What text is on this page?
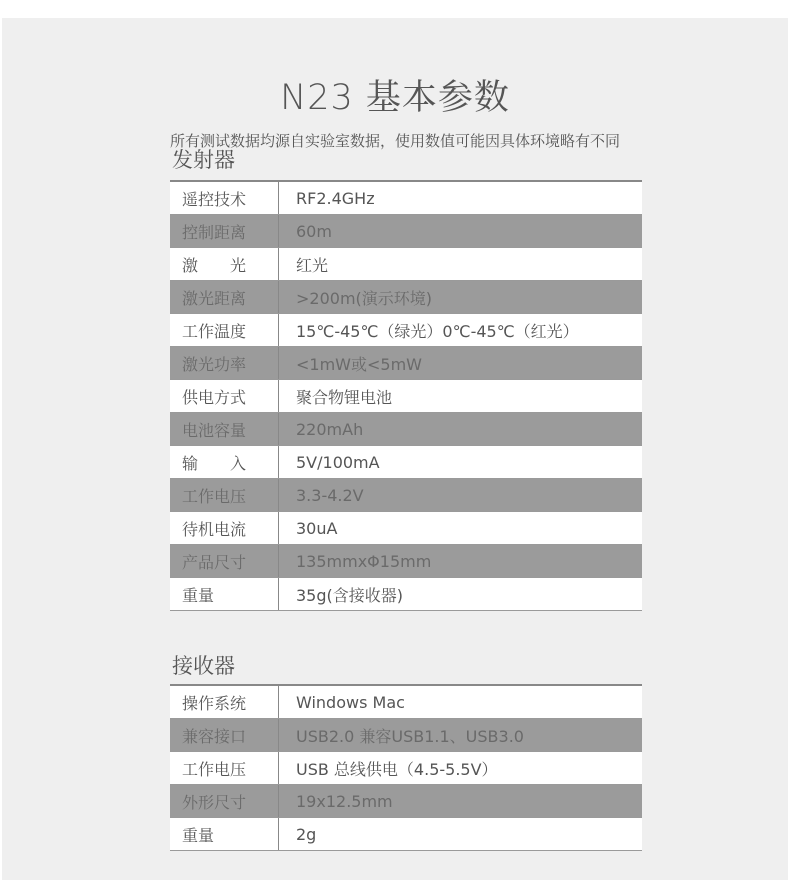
N23 基本参数
所有测试数据均源自实验室数据，使用数值可能因具体环境略有不同
发射器
遥控技术	RF2.4GHz
控制距离	60m
激　　光	红光
激光距离	>200m(演示环境)
工作温度	15℃-45℃（绿光）0℃-45℃（红光）
激光功率	<1mW或<5mW
供电方式	聚合物锂电池
电池容量	220mAh
输　　入	5V/100mA
工作电压	3.3-4.2V
待机电流	30uA
产品尺寸	135mmxΦ15mm
重量	35g(含接收器)
接收器
操作系统	Windows Mac
兼容接口	USB2.0 兼容USB1.1、USB3.0
工作电压	USB 总线供电（4.5-5.5V）
外形尺寸	19x12.5mm
重量	2g
